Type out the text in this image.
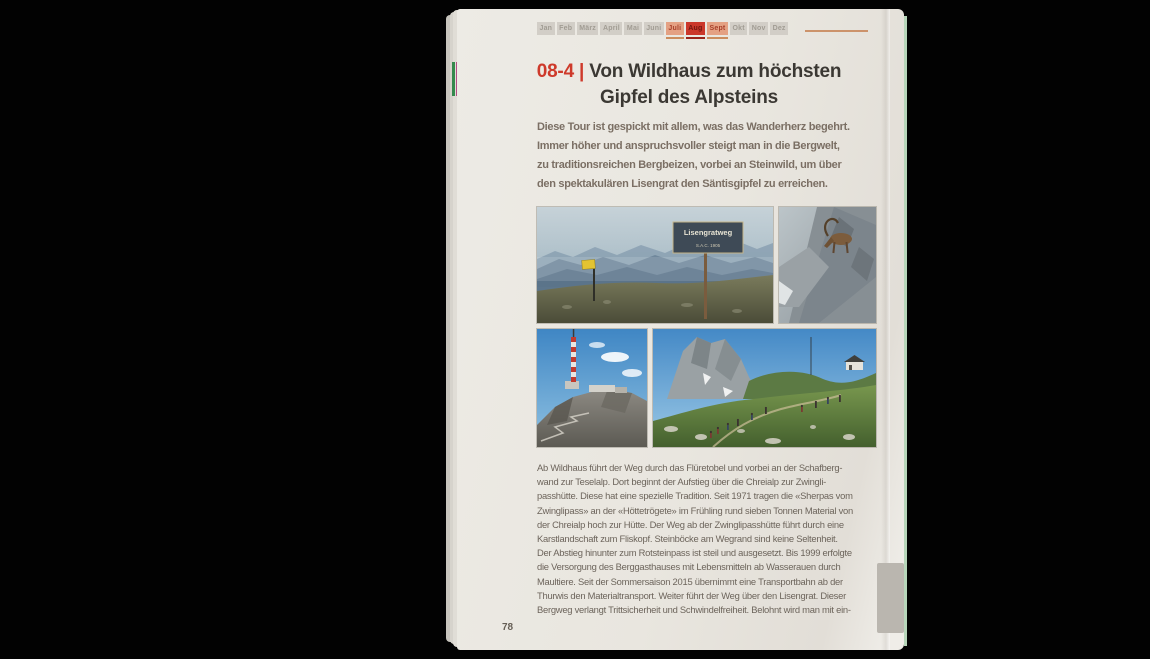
Jan	Feb	März	April	Mai	Juni	Juli	Aug	Sept	Okt	Nov	Dez
08-4 | Von Wildhaus zum höchsten
Gipfel des Alpsteins
Diese Tour ist gespickt mit allem, was das Wanderherz begehrt.
Immer höher und anspruchsvoller steigt man in die Bergwelt,
zu traditionsreichen Bergbeizen, vorbei an Steinwild, um über
den spektakulären Lisengrat den Säntisgipfel zu erreichen.
Lisengratweg
S.A.C. 1905
Ab Wildhaus führt der Weg durch das Flüretobel und vorbei an der Schafberg-
wand zur Teselalp. Dort beginnt der Aufstieg über die Chreialp zur Zwingli-
passhütte. Diese hat eine spezielle Tradition. Seit 1971 tragen die «Sherpas vom
Zwinglipass» an der «Höttetrögete» im Frühling rund sieben Tonnen Material von
der Chreialp hoch zur Hütte. Der Weg ab der Zwinglipasshütte führt durch eine
Karstlandschaft zum Fliskopf. Steinböcke am Wegrand sind keine Seltenheit.
Der Abstieg hinunter zum Rotsteinpass ist steil und ausgesetzt. Bis 1999 erfolgte
die Versorgung des Berggasthauses mit Lebensmitteln ab Wasserauen durch
Maultiere. Seit der Sommersaison 2015 übernimmt eine Transportbahn ab der
Thurwis den Materialtransport. Weiter führt der Weg über den Lisengrat. Dieser
Bergweg verlangt Trittsicherheit und Schwindelfreiheit. Belohnt wird man mit ein-
78
